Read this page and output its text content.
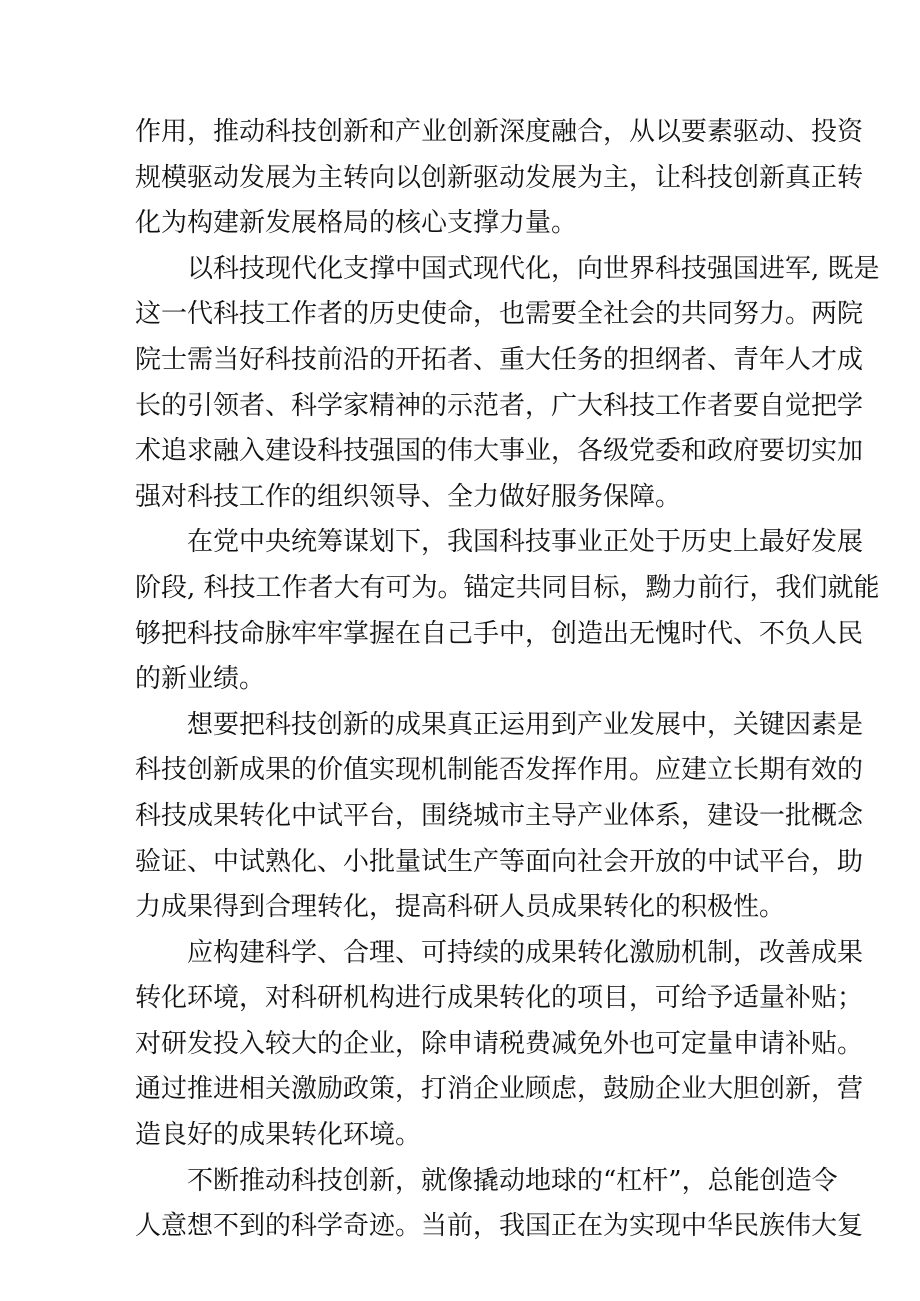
作用，推动科技创新和产业创新深度融合，从以要素驱动、投资
规模驱动发展为主转向以创新驱动发展为主，让科技创新真正转
化为构建新发展格局的核心支撑力量。
以科技现代化支撑中国式现代化，向世界科技强国进军, 既是
这一代科技工作者的历史使命，也需要全社会的共同努力。两院
院士需当好科技前沿的开拓者、重大任务的担纲者、青年人才成
长的引领者、科学家精神的示范者，广大科技工作者要自觉把学
术追求融入建设科技强国的伟大事业，各级党委和政府要切实加
强对科技工作的组织领导、全力做好服务保障。
在党中央统筹谋划下，我国科技事业正处于历史上最好发展
阶段, 科技工作者大有可为。锚定共同目标，黝力前行，我们就能
够把科技命脉牢牢掌握在自己手中，创造出无愧时代、不负人民
的新业绩。
想要把科技创新的成果真正运用到产业发展中，关键因素是
科技创新成果的价值实现机制能否发挥作用。应建立长期有效的
科技成果转化中试平台，围绕城市主导产业体系，建设一批概念
验证、中试熟化、小批量试生产等面向社会开放的中试平台，助
力成果得到合理转化，提高科研人员成果转化的积极性。
应构建科学、合理、可持续的成果转化激励机制，改善成果
转化环境，对科研机构进行成果转化的项目，可给予适量补贴；
对研发投入较大的企业，除申请税费减免外也可定量申请补贴。
通过推进相关激励政策，打消企业顾虑，鼓励企业大胆创新，营
造良好的成果转化环境。
不断推动科技创新，就像撬动地球的“杠杆”，总能创造令
人意想不到的科学奇迹。当前，我国正在为实现中华民族伟大复
